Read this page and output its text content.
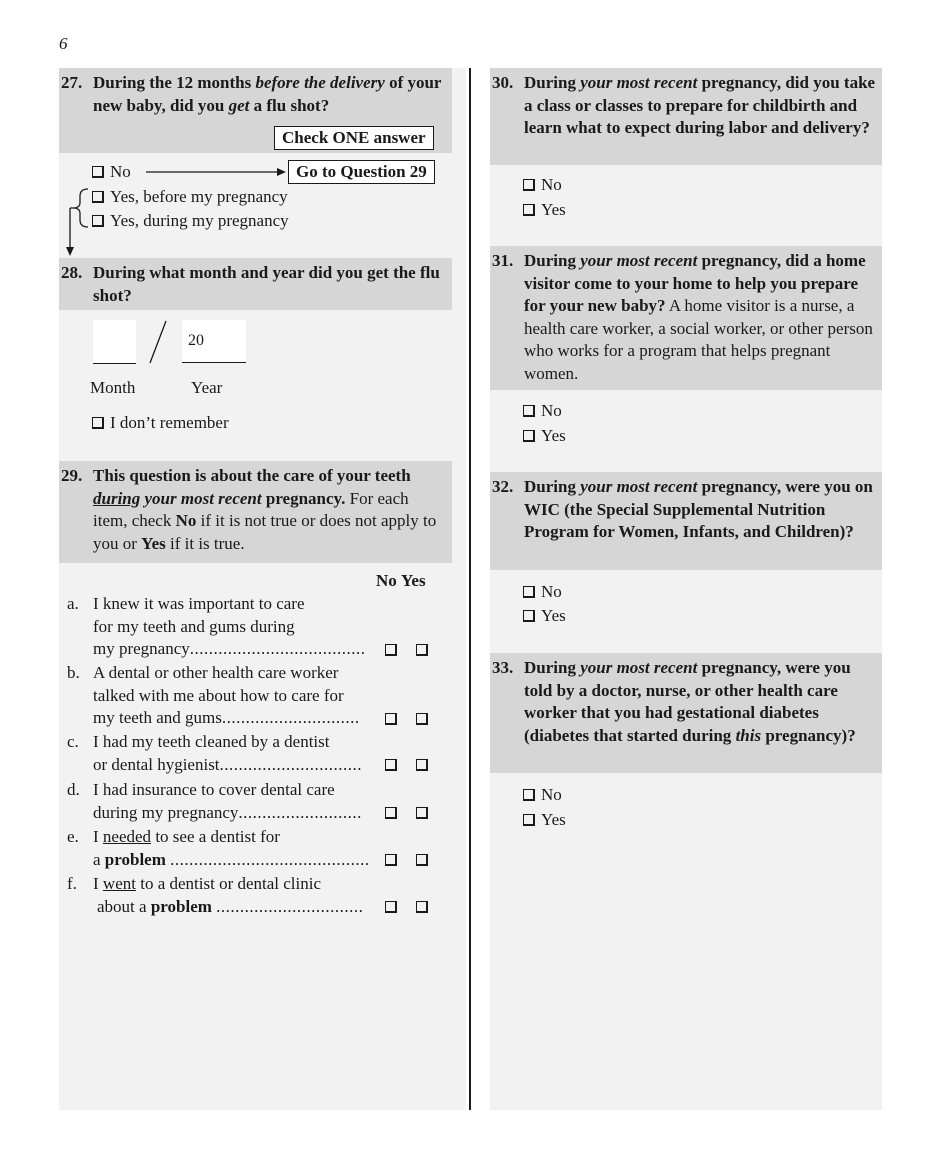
6
27. During the 12 months before the delivery of your new baby, did you get a flu shot?
Check ONE answer
No	Go to Question 29
Yes, before my pregnancy
Yes, during my pregnancy
28. During what month and year did you get the flu shot?
20
Month	Year
I don’t remember
29. This question is about the care of your teeth during your most recent pregnancy. For each item, check No if it is not true or does not apply to you or Yes if it is true.
No Yes
a. I knew it was important to care
for my teeth and gums during
my pregnancy.....................................
b. A dental or other health care worker
talked with me about how to care for
my teeth and gums.............................
c. I had my teeth cleaned by a dentist
or dental hygienist..............................
d. I had insurance to cover dental care
during my pregnancy..........................
e. I needed to see a dentist for
a problem ..........................................
f. I went to a dentist or dental clinic
about a problem ...............................
30. During your most recent pregnancy, did you take a class or classes to prepare for childbirth and learn what to expect during labor and delivery?
No
Yes
31. During your most recent pregnancy, did a home visitor come to your home to help you prepare for your new baby? A home visitor is a nurse, a health care worker, a social worker, or other person who works for a program that helps pregnant women.
No
Yes
32. During your most recent pregnancy, were you on WIC (the Special Supplemental Nutrition Program for Women, Infants, and Children)?
No
Yes
33. During your most recent pregnancy, were you told by a doctor, nurse, or other health care worker that you had gestational diabetes (diabetes that started during this pregnancy)?
No
Yes
